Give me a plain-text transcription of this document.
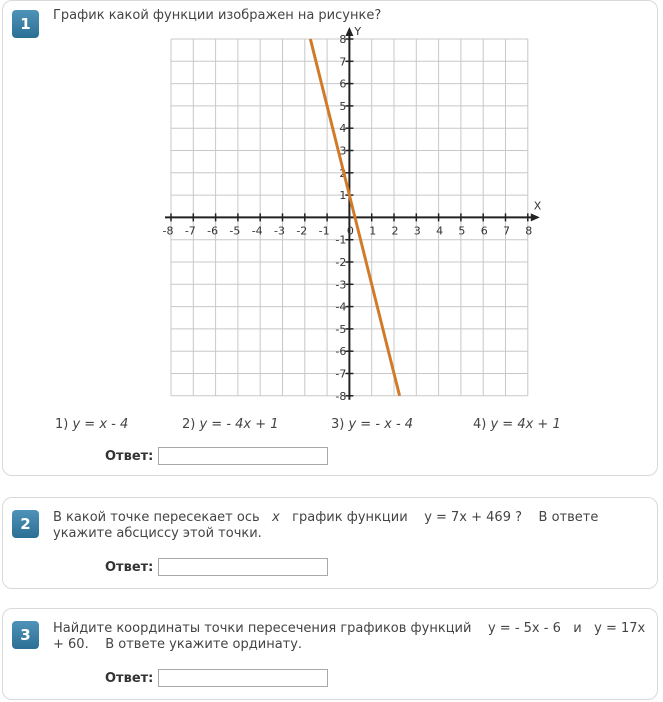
1	График какой функции изображен на рисунке?
-8 -7 -6 -5 -4 -3 -2 -1 0 1 2 3 4 5 6 7 8
8
7
6
5
4
3
2
1
-1
-2
-3
-4
-5
-6
-7
-8
X
Y
1) y = x - 4	2) y = - 4x + 1	3) y = - x - 4	4) y = 4x + 1
Ответ:
2	В какой точке пересекает ось x график функции y = 7x + 469 ? В ответе
укажите абсциссу этой точки.
Ответ:
3	Найдите координаты точки пересечения графиков функций y = - 5x - 6 и y = 17x
+ 60. В ответе укажите ординату.
Ответ:
